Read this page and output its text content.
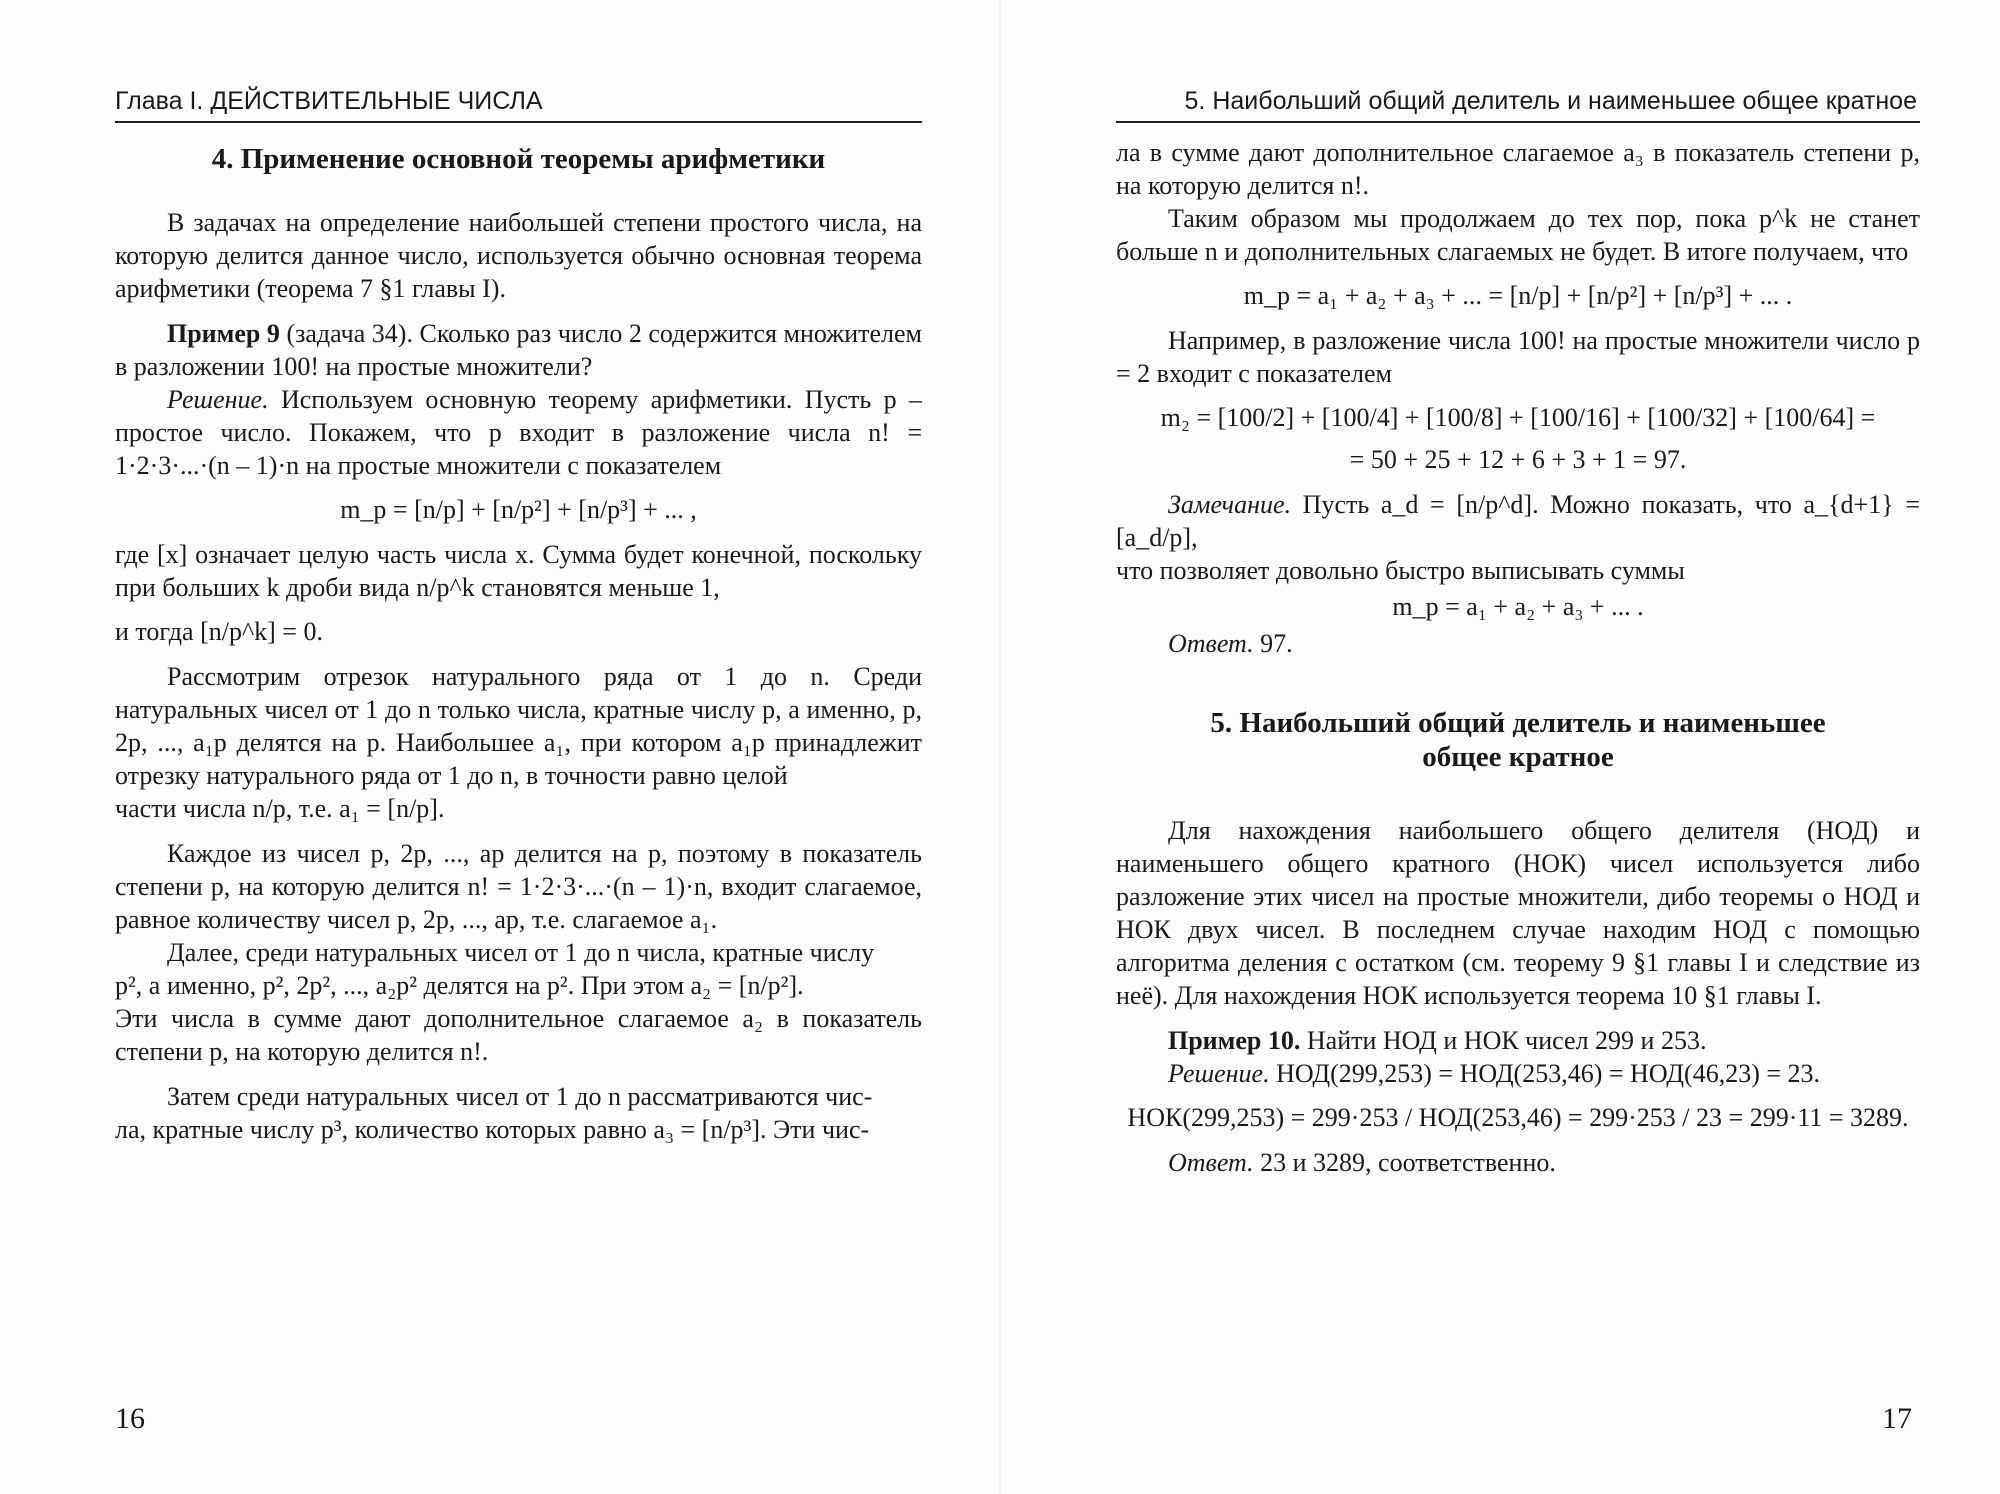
Глава I. ДЕЙСТВИТЕЛЬНЫЕ ЧИСЛА
4. Применение основной теоремы арифметики

В задачах на определение наибольшей степени простого числа, на которую делится данное число, используется обычно основная теорема арифметики (теорема 7 §1 главы I).

Пример 9 (задача 34). Сколько раз число 2 содержится множителем в разложении 100! на простые множители?

Решение. Используем основную теорему арифметики. Пусть p – простое число. Покажем, что p входит в разложение числа n! = 1·2·3·...·(n – 1)·n на простые множители с показателем

m_p = [n/p] + [n/p²] + [n/p³] + ... ,

где [x] означает целую часть числа x. Сумма будет конечной, поскольку при больших k дроби вида n/p^k становятся меньше 1,

и тогда [n/p^k] = 0.

Рассмотрим отрезок натурального ряда от 1 до n. Среди натуральных чисел от 1 до n только числа, кратные числу p, а именно, p, 2p, ..., a₁p делятся на p. Наибольшее a₁, при котором a₁p принадлежит отрезку натурального ряда от 1 до n, в точности равно целой

части числа n/p, т.е. a₁ = [n/p].

Каждое из чисел p, 2p, ..., ap делится на p, поэтому в показатель степени p, на которую делится n! = 1·2·3·...·(n – 1)·n, входит слагаемое, равное количеству чисел p, 2p, ..., ap, т.е. слагаемое a₁.

Далее, среди натуральных чисел от 1 до n числа, кратные числу

p², а именно, p², 2p², ..., a₂p² делятся на p². При этом a₂ = [n/p²].

Эти числа в сумме дают дополнительное слагаемое a₂ в показатель степени p, на которую делится n!.

Затем среди натуральных чисел от 1 до n рассматриваются чис-

ла, кратные числу p³, количество которых равно a₃ = [n/p³]. Эти чис-

16
5. Наибольший общий делитель и наименьшее общее кратное

ла в сумме дают дополнительное слагаемое a₃ в показатель степени p, на которую делится n!.

Таким образом мы продолжаем до тех пор, пока p^k не станет больше n и дополнительных слагаемых не будет. В итоге получаем, что

m_p = a₁ + a₂ + a₃ + ... = [n/p] + [n/p²] + [n/p³] + ... .

Например, в разложение числа 100! на простые множители число p = 2 входит с показателем

m₂ = [100/2] + [100/4] + [100/8] + [100/16] + [100/32] + [100/64] =
= 50 + 25 + 12 + 6 + 3 + 1 = 97.

Замечание. Пусть a_d = [n/p^d]. Можно показать, что a_{d+1} = [a_d/p],

что позволяет довольно быстро выписывать суммы

m_p = a₁ + a₂ + a₃ + ... .

Ответ. 97.

5. Наибольший общий делитель и наименьшее
общее кратное

Для нахождения наибольшего общего делителя (НОД) и наименьшего общего кратного (НОК) чисел используется либо разложение этих чисел на простые множители, дибо теоремы о НОД и НОК двух чисел. В последнем случае находим НОД с помощью алгоритма деления с остатком (см. теорему 9 §1 главы I и следствие из неё). Для нахождения НОК используется теорема 10 §1 главы I.

Пример 10. Найти НОД и НОК чисел 299 и 253.

Решение. НОД(299,253) = НОД(253,46) = НОД(46,23) = 23.

НОК(299,253) = 299·253 / НОД(253,46) = 299·253 / 23 = 299·11 = 3289.

Ответ. 23 и 3289, соответственно.

17
